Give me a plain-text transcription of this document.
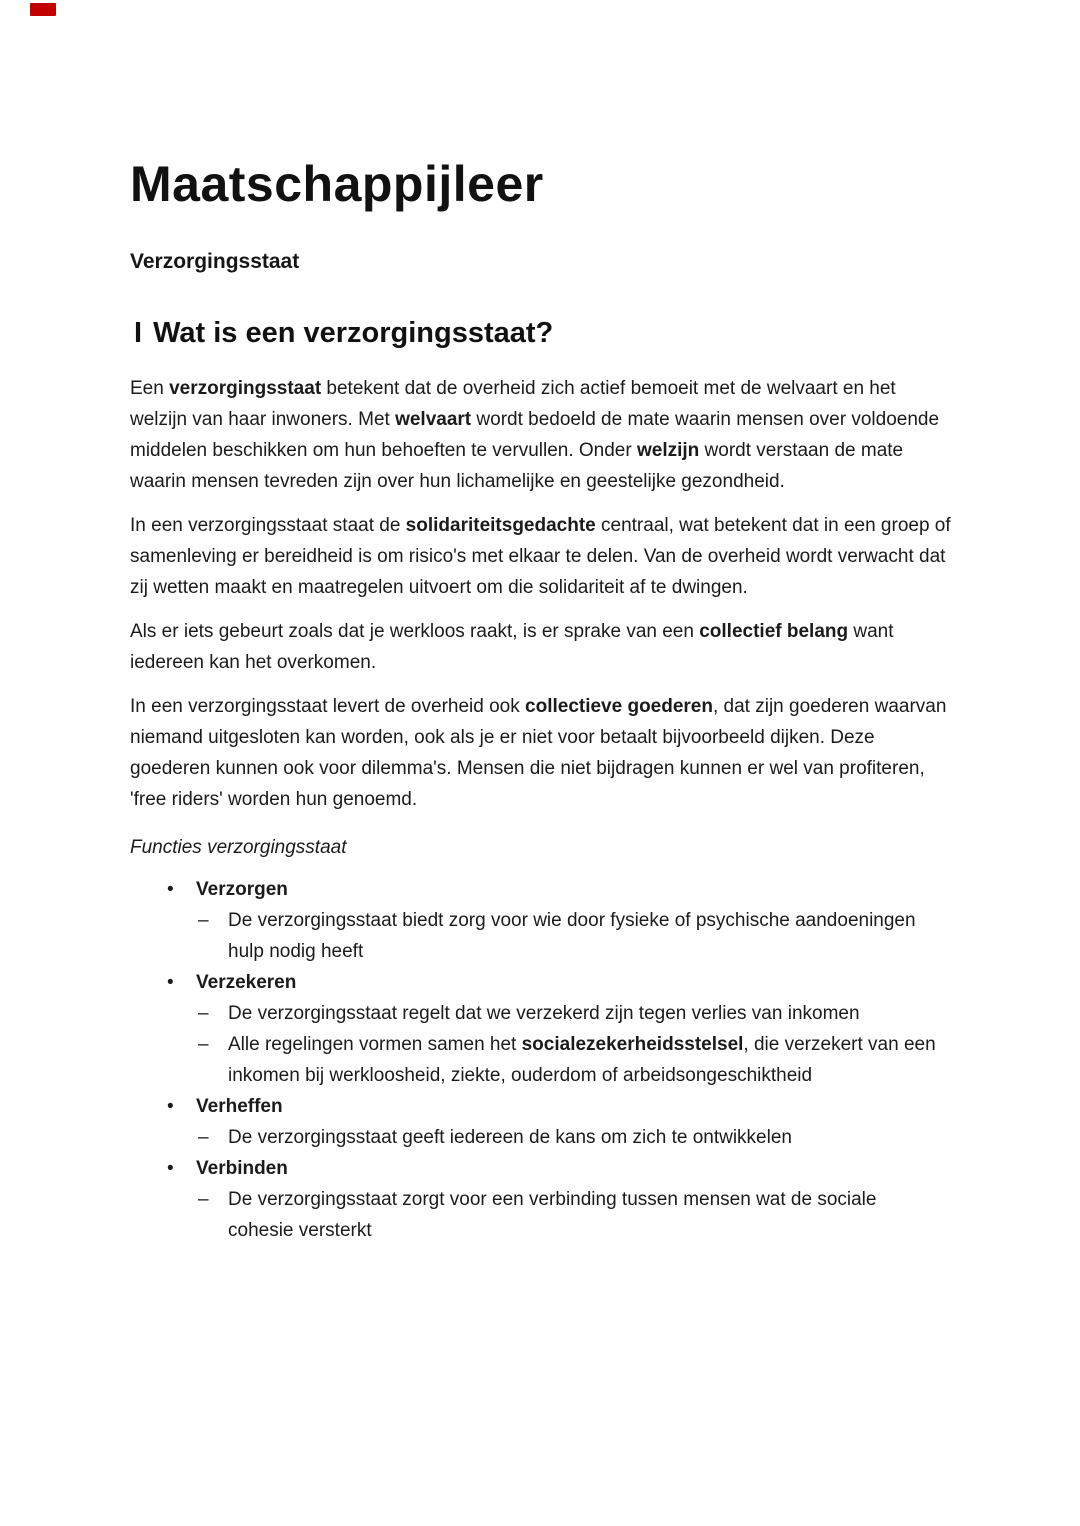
Maatschappijleer
Verzorgingsstaat
I Wat is een verzorgingsstaat?

Een verzorgingsstaat betekent dat de overheid zich actief bemoeit met de welvaart en het welzijn van haar inwoners. Met welvaart wordt bedoeld de mate waarin mensen over voldoende middelen beschikken om hun behoeften te vervullen. Onder welzijn wordt verstaan de mate waarin mensen tevreden zijn over hun lichamelijke en geestelijke gezondheid.

In een verzorgingsstaat staat de solidariteitsgedachte centraal, wat betekent dat in een groep of samenleving er bereidheid is om risico's met elkaar te delen. Van de overheid wordt verwacht dat zij wetten maakt en maatregelen uitvoert om die solidariteit af te dwingen.

Als er iets gebeurt zoals dat je werkloos raakt, is er sprake van een collectief belang want iedereen kan het overkomen.

In een verzorgingsstaat levert de overheid ook collectieve goederen, dat zijn goederen waarvan niemand uitgesloten kan worden, ook als je er niet voor betaalt bijvoorbeeld dijken. Deze goederen kunnen ook voor dilemma's. Mensen die niet bijdragen kunnen er wel van profiteren, 'free riders' worden hun genoemd.

Functies verzorgingsstaat
•	Verzorgen
–	De verzorgingsstaat biedt zorg voor wie door fysieke of psychische aandoeningen hulp nodig heeft
•	Verzekeren
–	De verzorgingsstaat regelt dat we verzekerd zijn tegen verlies van inkomen
–	Alle regelingen vormen samen het socialezekerheidsstelsel, die verzekert van een inkomen bij werkloosheid, ziekte, ouderdom of arbeidsongeschiktheid
•	Verheffen
–	De verzorgingsstaat geeft iedereen de kans om zich te ontwikkelen
•	Verbinden
–	De verzorgingsstaat zorgt voor een verbinding tussen mensen wat de sociale cohesie versterkt
